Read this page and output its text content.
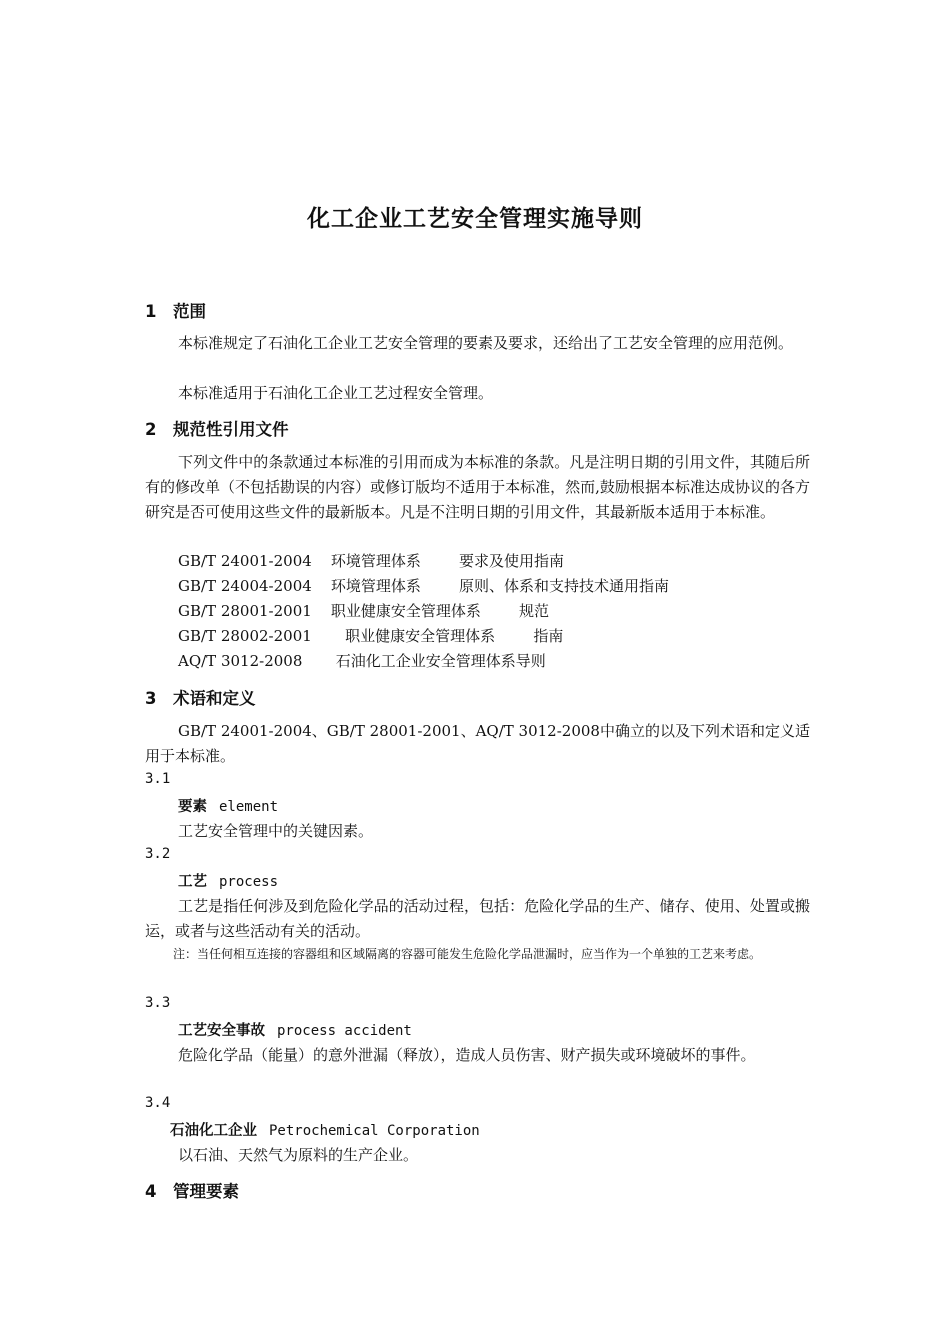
化工企业工艺安全管理实施导则
1 范围
本标准规定了石油化工企业工艺安全管理的要素及要求，还给出了工艺安全管理的应用范例。
本标准适用于石油化工企业工艺过程安全管理。
2 规范性引用文件
下列文件中的条款通过本标准的引用而成为本标准的条款。凡是注明日期的引用文件，其随后所有的修改单（不包括勘误的内容）或修订版均不适用于本标准，然而,鼓励根据本标准达成协议的各方研究是否可使用这些文件的最新版本。凡是不注明日期的引用文件，其最新版本适用于本标准。
GB/T 24001-2004    环境管理体系        要求及使用指南
GB/T 24004-2004    环境管理体系        原则、体系和支持技术通用指南
GB/T 28001-2001    职业健康安全管理体系        规范
GB/T 28002-2001       职业健康安全管理体系        指南
AQ/T 3012-2008       石油化工企业安全管理体系导则
3 术语和定义
GB/T 24001-2004、GB/T 28001-2001、AQ/T 3012-2008中确立的以及下列术语和定义适用于本标准。
3.1
要素 element
工艺安全管理中的关键因素。
3.2
工艺 process
工艺是指任何涉及到危险化学品的活动过程，包括：危险化学品的生产、储存、使用、处置或搬运，或者与这些活动有关的活动。
注：当任何相互连接的容器组和区域隔离的容器可能发生危险化学品泄漏时，应当作为一个单独的工艺来考虑。
3.3
工艺安全事故 process accident
危险化学品（能量）的意外泄漏（释放），造成人员伤害、财产损失或环境破坏的事件。
3.4
石油化工企业 Petrochemical Corporation
以石油、天然气为原料的生产企业。
4 管理要素
